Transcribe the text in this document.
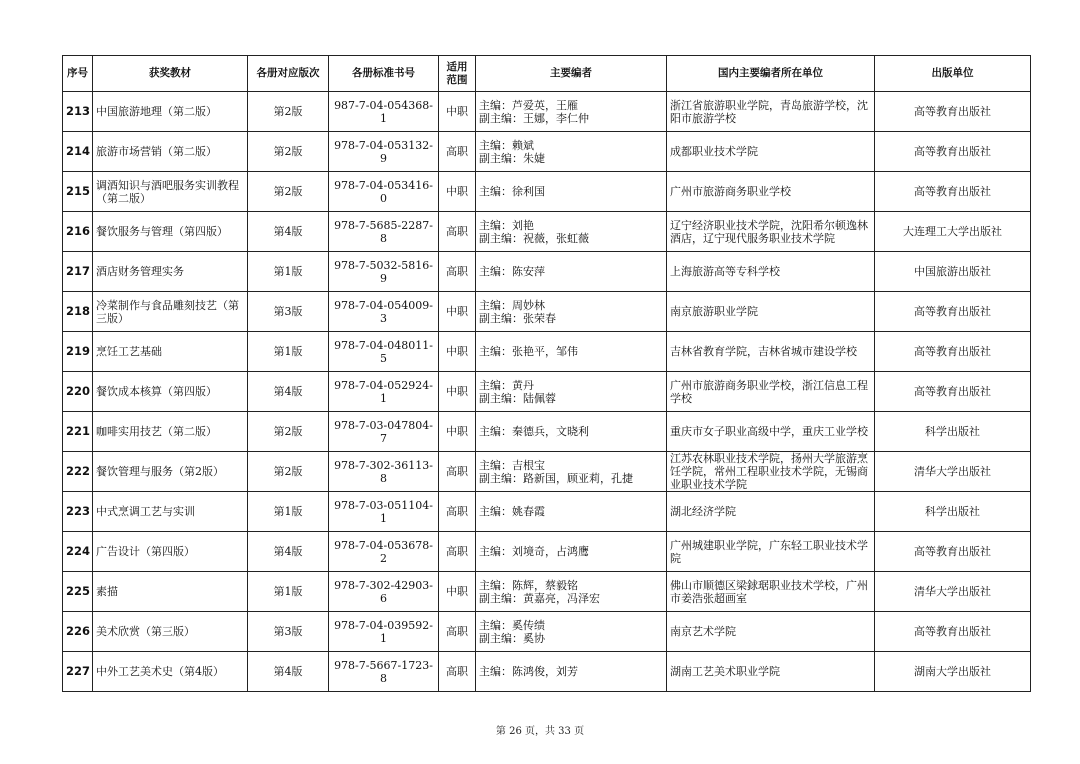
序号	获奖教材	各册对应版次	各册标准书号	适用范围	主要编者	国内主要编者所在单位	出版单位
213	中国旅游地理（第二版）	第2版	987-7-04-054368-1	中职	主编：芦爱英，王雁
副主编：王娜，李仁仲	浙江省旅游职业学院，青岛旅游学校，沈阳市旅游学校	高等教育出版社
214	旅游市场营销（第二版）	第2版	978-7-04-053132-9	高职	主编：赖斌
副主编：朱婕	成都职业技术学院	高等教育出版社
215	调酒知识与酒吧服务实训教程（第二版）	第2版	978-7-04-053416-0	中职	主编：徐利国	广州市旅游商务职业学校	高等教育出版社
216	餐饮服务与管理（第四版）	第4版	978-7-5685-2287-8	高职	主编：刘艳
副主编：祝薇，张虹薇	辽宁经济职业技术学院，沈阳希尔顿逸林酒店，辽宁现代服务职业技术学院	大连理工大学出版社
217	酒店财务管理实务	第1版	978-7-5032-5816-9	高职	主编：陈安萍	上海旅游高等专科学校	中国旅游出版社
218	冷菜制作与食品雕刻技艺（第三版）	第3版	978-7-04-054009-3	中职	主编：周妙林
副主编：张荣春	南京旅游职业学院	高等教育出版社
219	烹饪工艺基础	第1版	978-7-04-048011-5	中职	主编：张艳平，邹伟	吉林省教育学院，吉林省城市建设学校	高等教育出版社
220	餐饮成本核算（第四版）	第4版	978-7-04-052924-1	中职	主编：黄丹
副主编：陆佩蓉	广州市旅游商务职业学校，浙江信息工程学校	高等教育出版社
221	咖啡实用技艺（第二版）	第2版	978-7-03-047804-7	中职	主编：秦德兵，文晓利	重庆市女子职业高级中学，重庆工业学校	科学出版社
222	餐饮管理与服务（第2版）	第2版	978-7-302-36113-8	高职	主编：吉根宝
副主编：路新国，顾亚莉，孔捷	江苏农林职业技术学院，扬州大学旅游烹饪学院，常州工程职业技术学院，无锡商业职业技术学院	清华大学出版社
223	中式烹调工艺与实训	第1版	978-7-03-051104-1	高职	主编：姚春霞	湖北经济学院	科学出版社
224	广告设计（第四版）	第4版	978-7-04-053678-2	高职	主编：刘境奇，占鸿鹰	广州城建职业学院，广东轻工职业技术学院	高等教育出版社
225	素描	第1版	978-7-302-42903-6	中职	主编：陈辉，蔡毅铭
副主编：黄嘉亮，冯泽宏	佛山市顺德区梁銶琚职业技术学校，广州市姜浩张超画室	清华大学出版社
226	美术欣赏（第三版）	第3版	978-7-04-039592-1	高职	主编：奚传绩
副主编：奚协	南京艺术学院	高等教育出版社
227	中外工艺美术史（第4版）	第4版	978-7-5667-1723-8	高职	主编：陈鸿俊，刘芳	湖南工艺美术职业学院	湖南大学出版社
第 26 页，共 33 页
